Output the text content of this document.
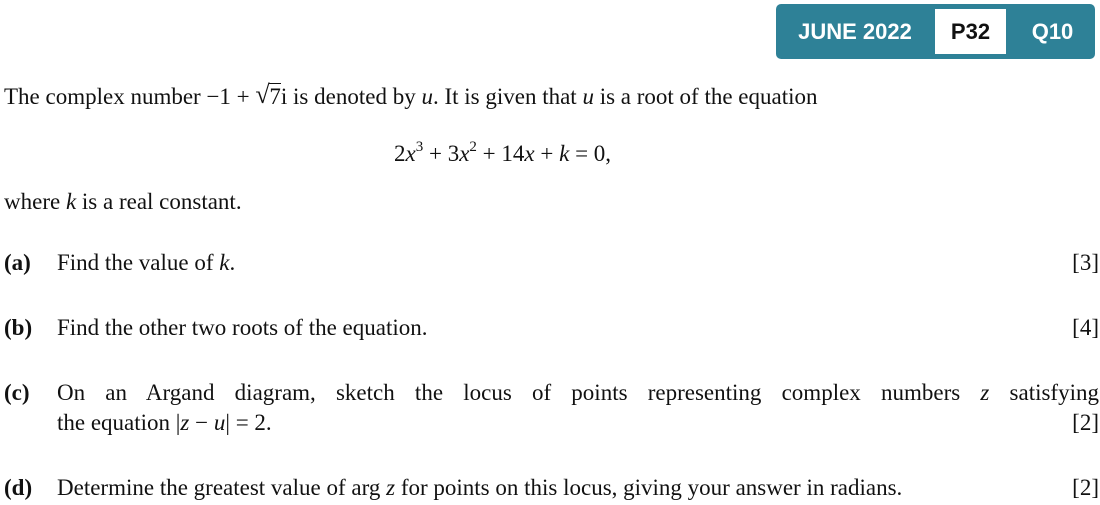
JUNE 2022	P32	Q10
The complex number −1 + √ 7i is denoted by u. It is given that u is a root of the equation
$2x^3 + 3x^2 + 14x + k = 0$,
where k is a real constant.
(a) Find the value of k.	[3]
(b) Find the other two roots of the equation.	[4]
(c) On an Argand diagram, sketch the locus of points representing complex numbers z satisfying
the equation |z − u| = 2.	[2]
(d) Determine the greatest value of arg z for points on this locus, giving your answer in radians.	[2]
